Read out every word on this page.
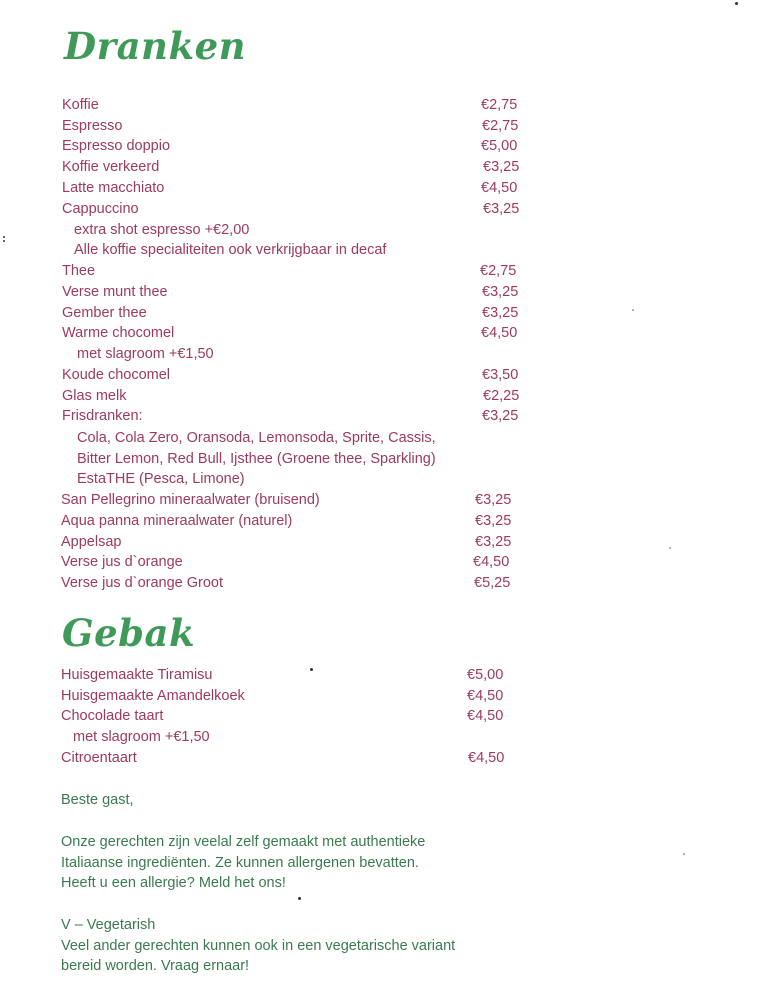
Dranken
Koffie	€2,75
Espresso	€2,75
Espresso doppio	€5,00
Koffie verkeerd	€3,25
Latte macchiato	€4,50
Cappuccino	€3,25
extra shot espresso +€2,00
Alle koffie specialiteiten ook verkrijgbaar in decaf
Thee	€2,75
Verse munt thee	€3,25
Gember thee	€3,25
Warme chocomel	€4,50
met slagroom +€1,50
Koude chocomel	€3,50
Glas melk	€2,25
Frisdranken:	€3,25
Cola, Cola Zero, Oransoda, Lemonsoda, Sprite, Cassis,
Bitter Lemon, Red Bull, Ijsthee (Groene thee, Sparkling)
EstaTHE (Pesca, Limone)
San Pellegrino mineraalwater (bruisend)	€3,25
Aqua panna mineraalwater (naturel)	€3,25
Appelsap	€3,25
Verse jus d`orange	€4,50
Verse jus d`orange Groot	€5,25
Gebak
Huisgemaakte Tiramisu	€5,00
Huisgemaakte Amandelkoek	€4,50
Chocolade taart	€4,50
met slagroom +€1,50
Citroentaart	€4,50
Beste gast,
Onze gerechten zijn veelal zelf gemaakt met authentieke
Italiaanse ingrediënten. Ze kunnen allergenen bevatten.
Heeft u een allergie? Meld het ons!
V – Vegetarish
Veel ander gerechten kunnen ook in een vegetarische variant
bereid worden. Vraag ernaar!
